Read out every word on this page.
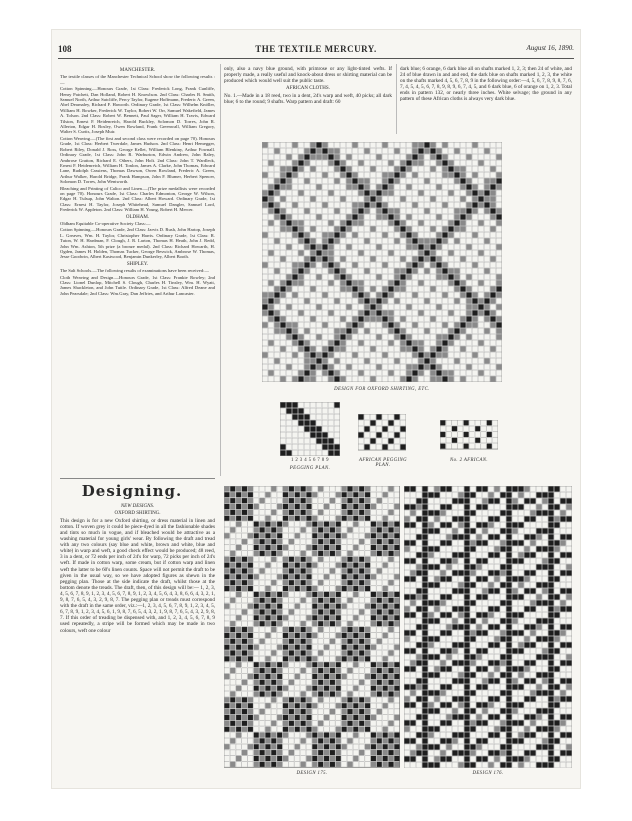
108	THE TEXTILE MERCURY.	August 16, 1890.
MANCHESTER.

The textile classes of the Manchester Technical School show the following results :—

Cotton Spinning.—Honours Grade, 1st Class: Frederick Long, Frank Cunliffe, Henry Patchett, Dan Holland, Robert H. Knowlson. 2nd Class: Charles B. Smith, Samuel North, Arthur Sutcliffe, Percy Taylor, Eugene Hoffmann, Frederic A. Green, Abel Dearnaley, Richard F. Haworth. Ordinary Grade, 1st Class: Wilhelm Knöller, William H. Bowker, Frederick W. Taylor, Robert W. Orr, Samuel Wakefield, James A. Tolson. 2nd Class: Robert W. Bennett, Paul Sager, William H. Travis, Edward Tilston, Ernest F. Heidenreich, Harold Buckley, Solomon D. Torres, John R. Allerton, Edgar H. Bosley, Owen Rowland, Frank Greenwall, William Gregory, Walter S. Curtis, Joseph Muir.

Cotton Weaving.—(The first and second class were recorded on page 70). Honours Grade, 1st Class: Herbert Twerdale, James Hudson. 2nd Class: Henri Hemegger, Robert Riley, Donald J. Ross, George Kellet, William Blenkiny, Arthur Fownall. Ordinary Grade, 1st Class: John R. Warburton, Edwin Andrew, John Raley, Ambrose Gratton, Richard E. Others, John Holt. 2nd Class: John T. Wardleck, Ernest F. Heidenreich, William H. Tonlon, James A. Clarke, John Thomas, Edward Lane, Rudolph Cassiens, Thomas Dawson, Owen Rowland, Frederic A. Green, Arthur Walker, Harold Bridge, Frank Hampson, John F. Blumer, Herbert Spencer, Solomon D. Torres, John Wentworth.

Bleaching and Printing of Calico and Linen.—(The prize medallists were recorded on page 70). Honours Grade, 1st Class: Charles Edmonton, George W. Wilson, Edgar H. Tulsup, John Walton. 2nd Class: Albert Howard. Ordinary Grade, 1st Class: Ernest H. Taylor, Joseph Whitehead, Samuel Dangler, Samuel Lord, Frederick W. Appleton. 2nd Class: William H. Young, Robert H. Mercer.

OLDHAM.

Oldham Equitable Co-operative Society Class:—

Cotton Spinning.—Honours Grade, 2nd Class: Jarvis D. Rush, John Hartop, Joseph L. Greaves, Wm. H. Taylor, Christopher Harris. Ordinary Grade, 1st Class: R. Tuton, W. H. Hardman, F. Clough, J. R. Larton, Thomas H. Heath, John J. Redd, John Wm. Ashton, 5th prize (a bronze medal). 2nd Class: Richard Howarth, H. Ogden, James H. Holden, Thomas Tucker, George Beswick, Ambrose W. Thomas, Jesse Goodwin, Albert Kastwood, Benjamin Dunkerley, Albert Booth.

SHIPLEY.

The Salt Schools.—The following results of examinations have been received:—

Cloth Weaving and Design.—Honours Grade, 1st Class: Frankie Rowley; 2nd Class: Lionel Dunlop, Mitchell S. Clough, Charles H. Tinsley, Wm. H. Wyatt, James Shackleton, and John Tuttle. Ordinary Grade, 1st Class: Alfred Deane and John Pearsdale; 2nd Class: Wm.Gray, Dan Jeffries, and Arthur Lancaster.

Designing.
NEW DESIGNS.
OXFORD SHIRTING.

This design is for a new Oxford shirting, or dress material in linen and cotton. If woven grey it could be piece-dyed in all the fashionable shades and tints so much in vogue, and if bleached would be attractive as a washing material for young girls' wear. By following the draft and tread with any two colours (say blue and white, brown and white, blue and white) in warp and weft, a good check effect would be produced; 48 reed, 3 in a dent, or 72 ends per inch of 24's for warp, 72 picks per inch of 24's weft. If made in cotton warp, some cream, but if cotton warp and linen weft the latter to be 60's linen counts. Space will not permit the draft to be given in the usual way, so we have adopted figures as shewn in the pegging plan. Those at the side indicate the draft, whilst those at the bottom denote the treads. The draft, then, of this design will be:— 1, 2, 3, 4, 5, 6, 7, 8, 9, 1, 2, 3, 4, 5, 6, 7, 8, 9, 1, 2, 3, 4, 5, 6, 4, 3, 8, 6, 6, 4, 3, 2, 1, 9, 8, 7, 6, 5, 4, 3, 2, 9, 8, 7. The pegging plan or treads must correspond with the draft in the same order, viz.:—1, 2, 3, 4, 5, 6, 7, 8, 9, 1, 2, 3, 4, 5, 6, 7, 8, 9, 1, 2, 3, 4, 5, 6, 1, 9, 8, 7, 6, 5, 4, 3, 2, 1, 9, 8, 7, 6, 5, 4, 3, 2, 9, 8, 7. If this order of treading be dispensed with, and 1, 2, 3, 4, 5, 6, 7, 8, 9 used repeatedly, a stripe will be formed which may be made in two colours, weft one colour

only, also a navy blue ground, with primrose or any light-tinted wefts. If properly made, a really useful and knock-about dress or shirting material can be produced which would well suit the public taste.

AFRICAN CLOTHS.

No. 1.—Made in a 18 reed, two in a dent, 24's warp and weft, 40 picks; all dark blue; 6 to the round; 9 shafts. Warp pattern and draft: 60

dark blue; 6 orange, 6 dark blue all on shafts marked 1, 2, 3; then 24 of white, and 24 of blue drawn in and and end, the dark blue on shafts marked 1, 2, 3, the white on the shafts marked 4, 5, 6, 7, 8, 9 in the following order:—4, 5, 6, 7, 8, 9, 8, 7, 6, 7, 4, 5, 4, 5, 6, 7, 8, 9, 8, 9, 6, 7, 4, 5, and 6 dark blue, 6 of orange on 1, 2, 3. Total ends in pattern 132, or nearly three inches. White selvage; the ground in any pattern of these African cloths is always very dark blue.

DESIGN FOR OXFORD SHIRTING, ETC.
1 2 3 4 5 6 7 8 9
PEGGING PLAN.
AFRICAN PEGGING PLAN.
No. 2 AFRICAN.
DESIGN 175.	DESIGN 176.
